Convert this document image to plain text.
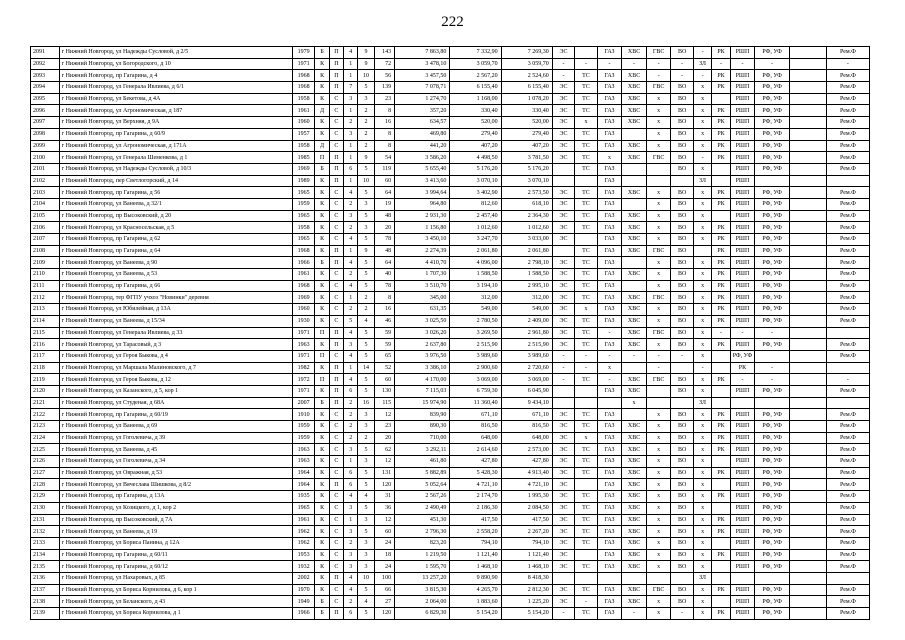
222
2091	г Нижний Новгород, ул Надежды Сусловой, д 2/5	1979	Б	П	4	9	143	7 863,80	7 332,90	7 269,30	ЭС		ГАЗ	ХВС	ГВС	ВО	-	РК	РШП	РФ, УФ		Рем.Ф
2092	г Нижний Новгород, ул Богородского, д 10	1971	К	П	1	9	72	3 478,10	3 059,70	3 059,70	-	-	-	-	-	-	ЗЛ	-	-	-		-
2093	г Нижний Новгород, пр Гагарина, д 4	1968	К	П	1	10	56	3 457,50	2 567,20	2 524,60	-	ТС	ГАЗ	ХВС	-	-	-	РК	РШП	РФ, УФ		Рем.Ф
2094	г Нижний Новгород, ул Генерала Ивлиева, д 6/1	1968	К	П	7	5	139	7 078,71	6 155,40	6 155,40	ЭС	ТС	ГАЗ	ХВС	ГВС	ВО	х	РК	РШП	РФ, УФ		Рем.Ф
2095	г Нижний Новгород, ул Бекетова, д 4А	1958	К	С	3	3	23	1 274,70	1 168,00	1 078,20	ЭС	ТС	ГАЗ	ХВС	х	ВО	х		РШП	РФ, УФ		Рем.Ф
2096	г Нижний Новгород, ул Агрономическая, д 187	1961	Д	С	1	2	8	357,20	330,40	330,40	ЭС	ТС	ГАЗ	ХВС	х	ВО	х	РК	РШП	РФ, УФ		Рем.Ф
2097	г Нижний Новгород, ул Верхняя, д 9А	1960	К	С	2	2	16	634,57	520,00	520,00	ЭС	х	ГАЗ	ХВС	х	ВО	х	РК	РШП	РФ, УФ		Рем.Ф
2098	г Нижний Новгород, пр Гагарина, д 60/9	1957	К	С	3	2	8	469,80	279,40	279,40	ЭС	ТС	ГАЗ		х	ВО	х	РК	РШП	РФ, УФ		Рем.Ф
2099	г Нижний Новгород, ул Агрономическая, д 171А	1958	Д	С	1	2	8	441,20	407,20	407,20	ЭС	ТС	ГАЗ	ХВС	х	ВО	х	РК	РШП	РФ, УФ		Рем.Ф
2100	г Нижний Новгород, ул Генерала Шеменкова, д 1	1985	П	П	1	9	54	3 586,20	4 498,50	3 781,50	ЭС	ТС	х	ХВС	ГВС	ВО	-	РК	РШП	РФ, УФ		Рем.Ф
2101	г Нижний Новгород, ул Надежды Сусловой, д 10/3	1969	Б	П	6	5	119	5 655,40	5 176,20	5 176,20		ТС	ГАЗ			ВО	х		РШП	РФ, УФ		Рем.Ф
2102	г Нижний Новгород, пер Светлогорский, д 14	1989	К	П	1	10	60	3 413,60	3 070,10	3 070,10			ГАЗ				ЗЛ		РШП			
2103	г Нижний Новгород, пр Гагарина, д 56	1965	К	С	4	5	64	3 994,64	3 402,90	2 573,50	ЭС	ТС	ГАЗ	ХВС	х	ВО	х	РК	РШП	РФ, УФ		Рем.Ф
2104	г Нижний Новгород, ул Ванеева, д 32/1	1959	К	С	2	3	19	964,80	812,60	618,10	ЭС	ТС	ГАЗ		х	ВО	х	РК	РШП	РФ, УФ		Рем.Ф
2105	г Нижний Новгород, пр Высоковский, д 20	1965	К	С	3	5	48	2 931,30	2 457,40	2 364,30	ЭС	ТС	ГАЗ	ХВС	х	ВО	х		РШП	РФ, УФ		Рем.Ф
2106	г Нижний Новгород, ул Красносельская, д 5	1958	К	С	2	3	20	1 156,80	1 012,60	1 012,60	ЭС	ТС	ГАЗ	ХВС	х	ВО	х	РК	РШП	РФ, УФ		Рем.Ф
2107	г Нижний Новгород, пр Гагарина, д 62	1965	К	С	4	5	78	3 450,10	3 247,70	3 033,00	ЭС		ГАЗ	ХВС	х	ВО	х	РК	РШП	РФ, УФ		Рем.Ф
2108	г Нижний Новгород, пр Гагарина, д 64	1968	К	П	1	9	48	2 274,39	2 061,80	2 061,80		ТС	ГАЗ	ХВС	ГВС	ВО		РК	РШП	РФ, УФ		Рем.Ф
2109	г Нижний Новгород, ул Ванеева, д 90	1966	Б	П	4	5	64	4 410,70	4 096,00	2 798,10	ЭС	ТС	ГАЗ		х	ВО	х	РК	РШП	РФ, УФ		Рем.Ф
2110	г Нижний Новгород, ул Ванеева, д 53	1961	К	С	2	5	40	1 707,30	1 588,50	1 588,50	ЭС	ТС	ГАЗ	ХВС	х	ВО	х	РК	РШП	РФ, УФ		Рем.Ф
2111	г Нижний Новгород, пр Гагарина, д 66	1968	К	С	4	5	78	3 510,70	3 194,10	2 995,10	ЭС	ТС	ГАЗ		х	ВО	х	РК	РШП	РФ, УФ		Рем.Ф
2112	г Нижний Новгород, тер ФГПУ учхоз "Новинки" деревня	1969	К	С	1	2	8	345,00	312,00	312,00	ЭС	ТС	ГАЗ	ХВС	ГВС	ВО	х	РК	РШП	РФ, УФ		Рем.Ф
2113	г Нижний Новгород, ул Юбилейная, д 13А	1960	К	С	2	2	16	631,35	549,00	549,00	ЭС	х	ГАЗ	ХВС	х	ВО	х	РК	РШП	РФ, УФ		Рем.Ф
2114	г Нижний Новгород, ул Ванеева, д 15/34	1930	К	С	5	4	46	3 025,50	2 780,50	2 409,00	ЭС	ТС	ГАЗ	ХВС	х	ВО	х	РК	РШП	РФ, УФ		Рем.Ф
2115	г Нижний Новгород, ул Генерала Ивлиева, д 33	1971	П	П	4	5	59	3 026,20	3 269,50	2 961,80	ЭС	ТС	-	ХВС	ГВС	ВО	х	-	-	-		
2116	г Нижний Новгород, ул Тарасовый, д 3	1963	К	П	3	5	59	2 637,80	2 515,90	2 515,90	ЭС	ТС	ГАЗ	ХВС	х	ВО	х	РК	РШП	РФ, УФ		Рем.Ф
2117	г Нижний Новгород, ул Героя Быкова, д 4	1971	П	С	4	5	65	3 976,50	3 989,60	3 989,60	-	-	-	-	-	-	х		РФ, УФ			Рем.Ф
2118	г Нижний Новгород, ул Маршала Малиновского, д 7	1982	К	П	1	14	52	3 386,10	2 900,60	2 720,60	-	-	х		-		-		РК	-		
2119	г Нижний Новгород, ул Героя Быкова, д 12	1972	П	П	4	5	60	4 170,00	3 069,00	3 069,00	-	ТС	-	ХВС	ГВС	ВО	х	РК	-	-		-
2120	г Нижний Новгород, ул Казанского, д 5, кор 1	1971	К	П	6	5	130	7 115,03	6 759,30	6 045,90			ГАЗ	ХВС		ВО	х		РШП	РФ, УФ		Рем.Ф
2121	г Нижний Новгород, ул Студеная, д 68А	2007	Б	П	2	16	115	15 974,90	11 360,40	9 434,10				х			ЗЛ					
2122	г Нижний Новгород, пр Гагарина, д 60/19	1910	К	С	2	3	12	839,90	671,10	671,10	ЭС	ТС	ГАЗ		х	ВО	х	РК	РШП	РФ, УФ		Рем.Ф
2123	г Нижний Новгород, ул Ванеева, д 69	1959	К	С	2	3	23	890,30	816,50	816,50	ЭС	ТС	ГАЗ	ХВС	х	ВО	х	РК	РШП	РФ, УФ		Рем.Ф
2124	г Нижний Новгород, ул Гоголевича, д 39	1959	К	С	2	2	20	710,00	648,00	648,00	ЭС	х	ГАЗ	ХВС	х	ВО	х	РК	РШП	РФ, УФ		Рем.Ф
2125	г Нижний Новгород, ул Ванеева, д 45	1963	К	С	3	5	62	3 292,11	2 614,60	2 573,00	ЭС	ТС	ГАЗ	ХВС	х	ВО	х	РК	РШП	РФ, УФ		Рем.Ф
2126	г Нижний Новгород, ул Гоголевича, д 34	1963	К	С	1	3	12	461,80	427,80	427,80	ЭС	ТС	ГАЗ	ХВС	х	ВО	х		РШП	РФ, УФ		Рем.Ф
2127	г Нижний Новгород, ул Овражная, д 53	1964	К	С	6	5	131	5 882,89	5 428,30	4 913,40	ЭС	ТС	ГАЗ	ХВС	х	ВО	х	РК	РШП	РФ, УФ		Рем.Ф
2128	г Нижний Новгород, ул Вячеслава Шишкова, д 8/2	1964	К	П	6	5	120	5 052,64	4 721,10	4 721,10	ЭС		ГАЗ	ХВС	х	ВО	х		РШП	РФ, УФ		Рем.Ф
2129	г Нижний Новгород, пр Гагарина, д 13А	1935	К	С	4	4	31	2 567,26	2 174,70	1 995,30	ЭС	ТС	ГАЗ	ХВС	х	ВО	х	РК	РШП	РФ, УФ		Рем.Ф
2130	г Нижний Новгород, ул Козицкого, д 1, кор 2	1965	К	С	3	5	36	2 490,49	2 186,30	2 084,50	ЭС	ТС	ГАЗ	ХВС	х	ВО	х		РШП	РФ, УФ		Рем.Ф
2131	г Нижний Новгород, пр Высоковский, д 7А	1961	К	С	1	3	12	451,30	417,50	417,50	ЭС	ТС	ГАЗ	ХВС	х	ВО	х	РК	РШП	РФ, УФ		Рем.Ф
2132	г Нижний Новгород, ул Ванеева, д 19	1962	К	С	3	5	60	2 796,30	2 558,20	2 267,20	ЭС	ТС	ГАЗ	ХВС	х	ВО	х	РК	РШП	РФ, УФ		Рем.Ф
2133	г Нижний Новгород, ул Бориса Панина, д 12А	1962	К	С	2	3	24	823,20	794,10	794,10	ЭС	ТС	ГАЗ	ХВС	х	ВО	х		РШП	РФ, УФ		Рем.Ф
2134	г Нижний Новгород, пр Гагарина, д 60/11	1953	К	С	3	3	18	1 219,50	1 121,40	1 121,40	ЭС		ГАЗ	ХВС	х	ВО	х	РК	РШП	РФ, УФ		Рем.Ф
2135	г Нижний Новгород, пр Гагарина, д 60/12	1932	К	С	3	3	24	1 595,70	1 468,10	1 468,10	ЭС	ТС	ГАЗ	ХВС	х	ВО	х		РШП	РФ, УФ		Рем.Ф
2136	г Нижний Новгород, ул Нахаровых, д 85	2002	К	П	4	10	100	13 257,20	9 890,90	8 418,30							ЗЛ					
2137	г Нижний Новгород, ул Бориса Корнилова, д 6, кор 1	1970	К	С	4	5	66	3 815,30	4 265,70	2 812,30	ЭС	ТС	ГАЗ	ХВС	ГВС	ВО	х	РК	РШП	РФ, УФ		Рем.Ф
2138	г Нижний Новгород, ул Беланского, д 43	1949	Б	С	2	4	27	2 064,00	1 883,60	1 225,20	ЭС	-	ГАЗ	ХВС	х	ВО	х		РШП	РФ, УФ		Рем.Ф
2139	г Нижний Новгород, ул Бориса Корнилова, д 1	1966	Б	П	6	5	120	6 829,30	5 154,20	5 154,20	-	ТС	ГАЗ	-	х	-	х	РК	РШП	РФ, УФ		Рем.Ф
